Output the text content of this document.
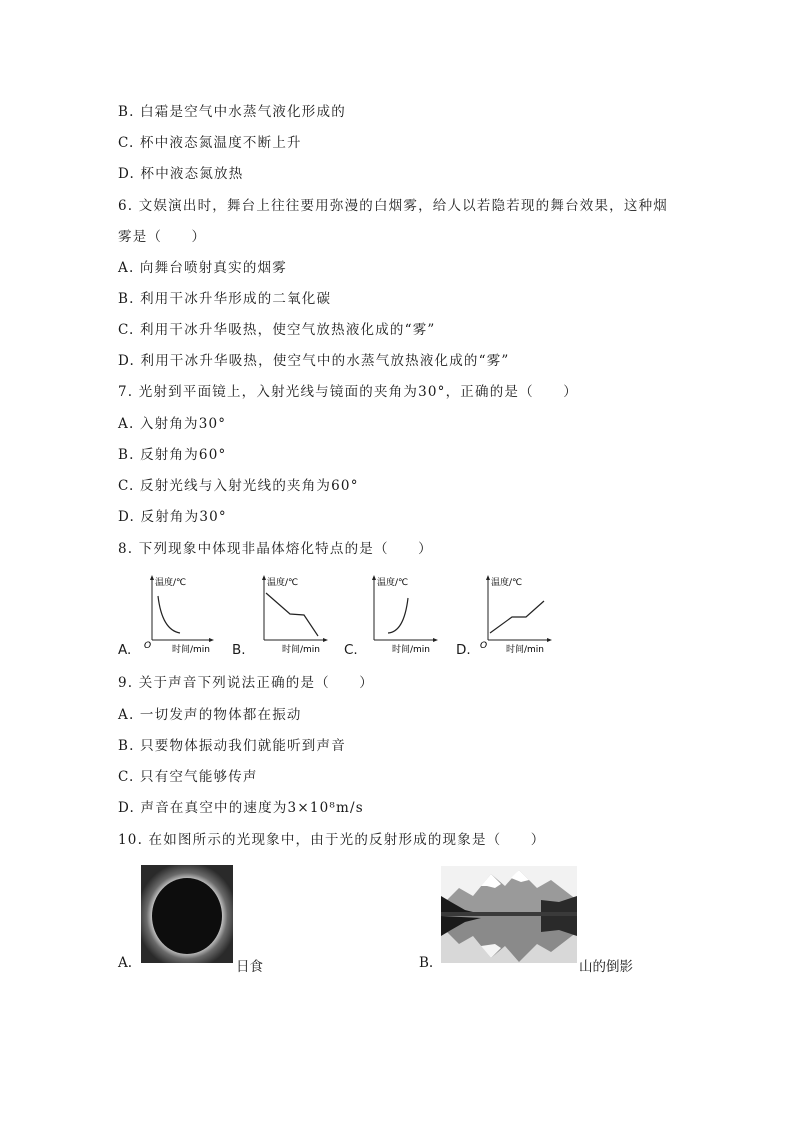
B. 白霜是空气中水蒸气液化形成的
C. 杯中液态氮温度不断上升
D. 杯中液态氮放热
6. 文娱演出时，舞台上往往要用弥漫的白烟雾，给人以若隐若现的舞台效果，这种烟
雾是（　　）
A. 向舞台喷射真实的烟雾
B. 利用干冰升华形成的二氧化碳
C. 利用干冰升华吸热，使空气放热液化成的“雾”
D. 利用干冰升华吸热，使空气中的水蒸气放热液化成的“雾”
7. 光射到平面镜上，入射光线与镜面的夹角为30°，正确的是（　　）
A. 入射角为30°
B. 反射角为60°
C. 反射光线与入射光线的夹角为60°
D. 反射角为30°
8. 下列现象中体现非晶体熔化特点的是（　　）
A.
温度/℃
O 时间/min B.
温度/℃
时间/min C.
温度/℃
时间/min D.
温度/℃
O 时间/min
9. 关于声音下列说法正确的是（　　）
A. 一切发声的物体都在振动
B. 只要物体振动我们就能听到声音
C. 只有空气能够传声
D. 声音在真空中的速度为3×10⁸m/s
10. 在如图所示的光现象中，由于光的反射形成的现象是（　　）
A.	日食	B.	山的倒影
